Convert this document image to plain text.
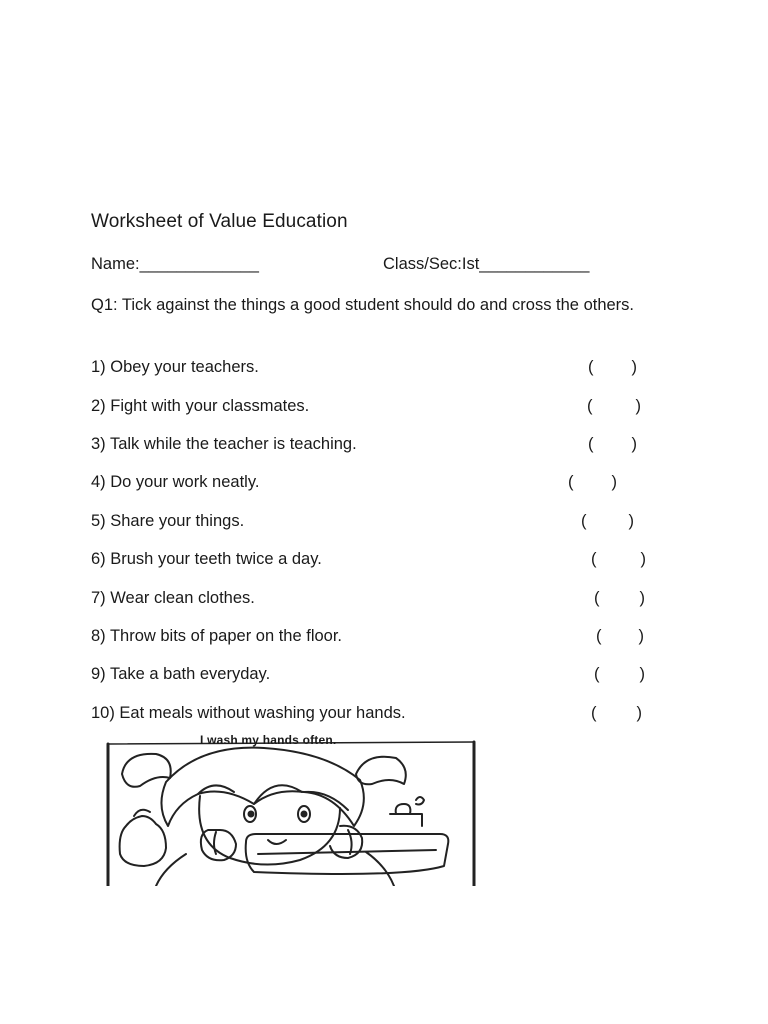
Worksheet of Value Education
Name:_____________	Class/Sec:Ist____________
Q1: Tick against the things a good student should do and cross the others.
1) Obey your teachers.	( )
2) Fight with your classmates.	(	)
3) Talk while the teacher is teaching.	( )
4) Do your work neatly.	( )
5) Share your things.	(	)
6) Brush your teeth twice a day.	(	)
7) Wear clean clothes.	( )
8) Throw bits of paper on the floor.	( )
9) Take a bath everyday.	( )
10) Eat meals without washing your hands.	( )
I wash my hands often.
